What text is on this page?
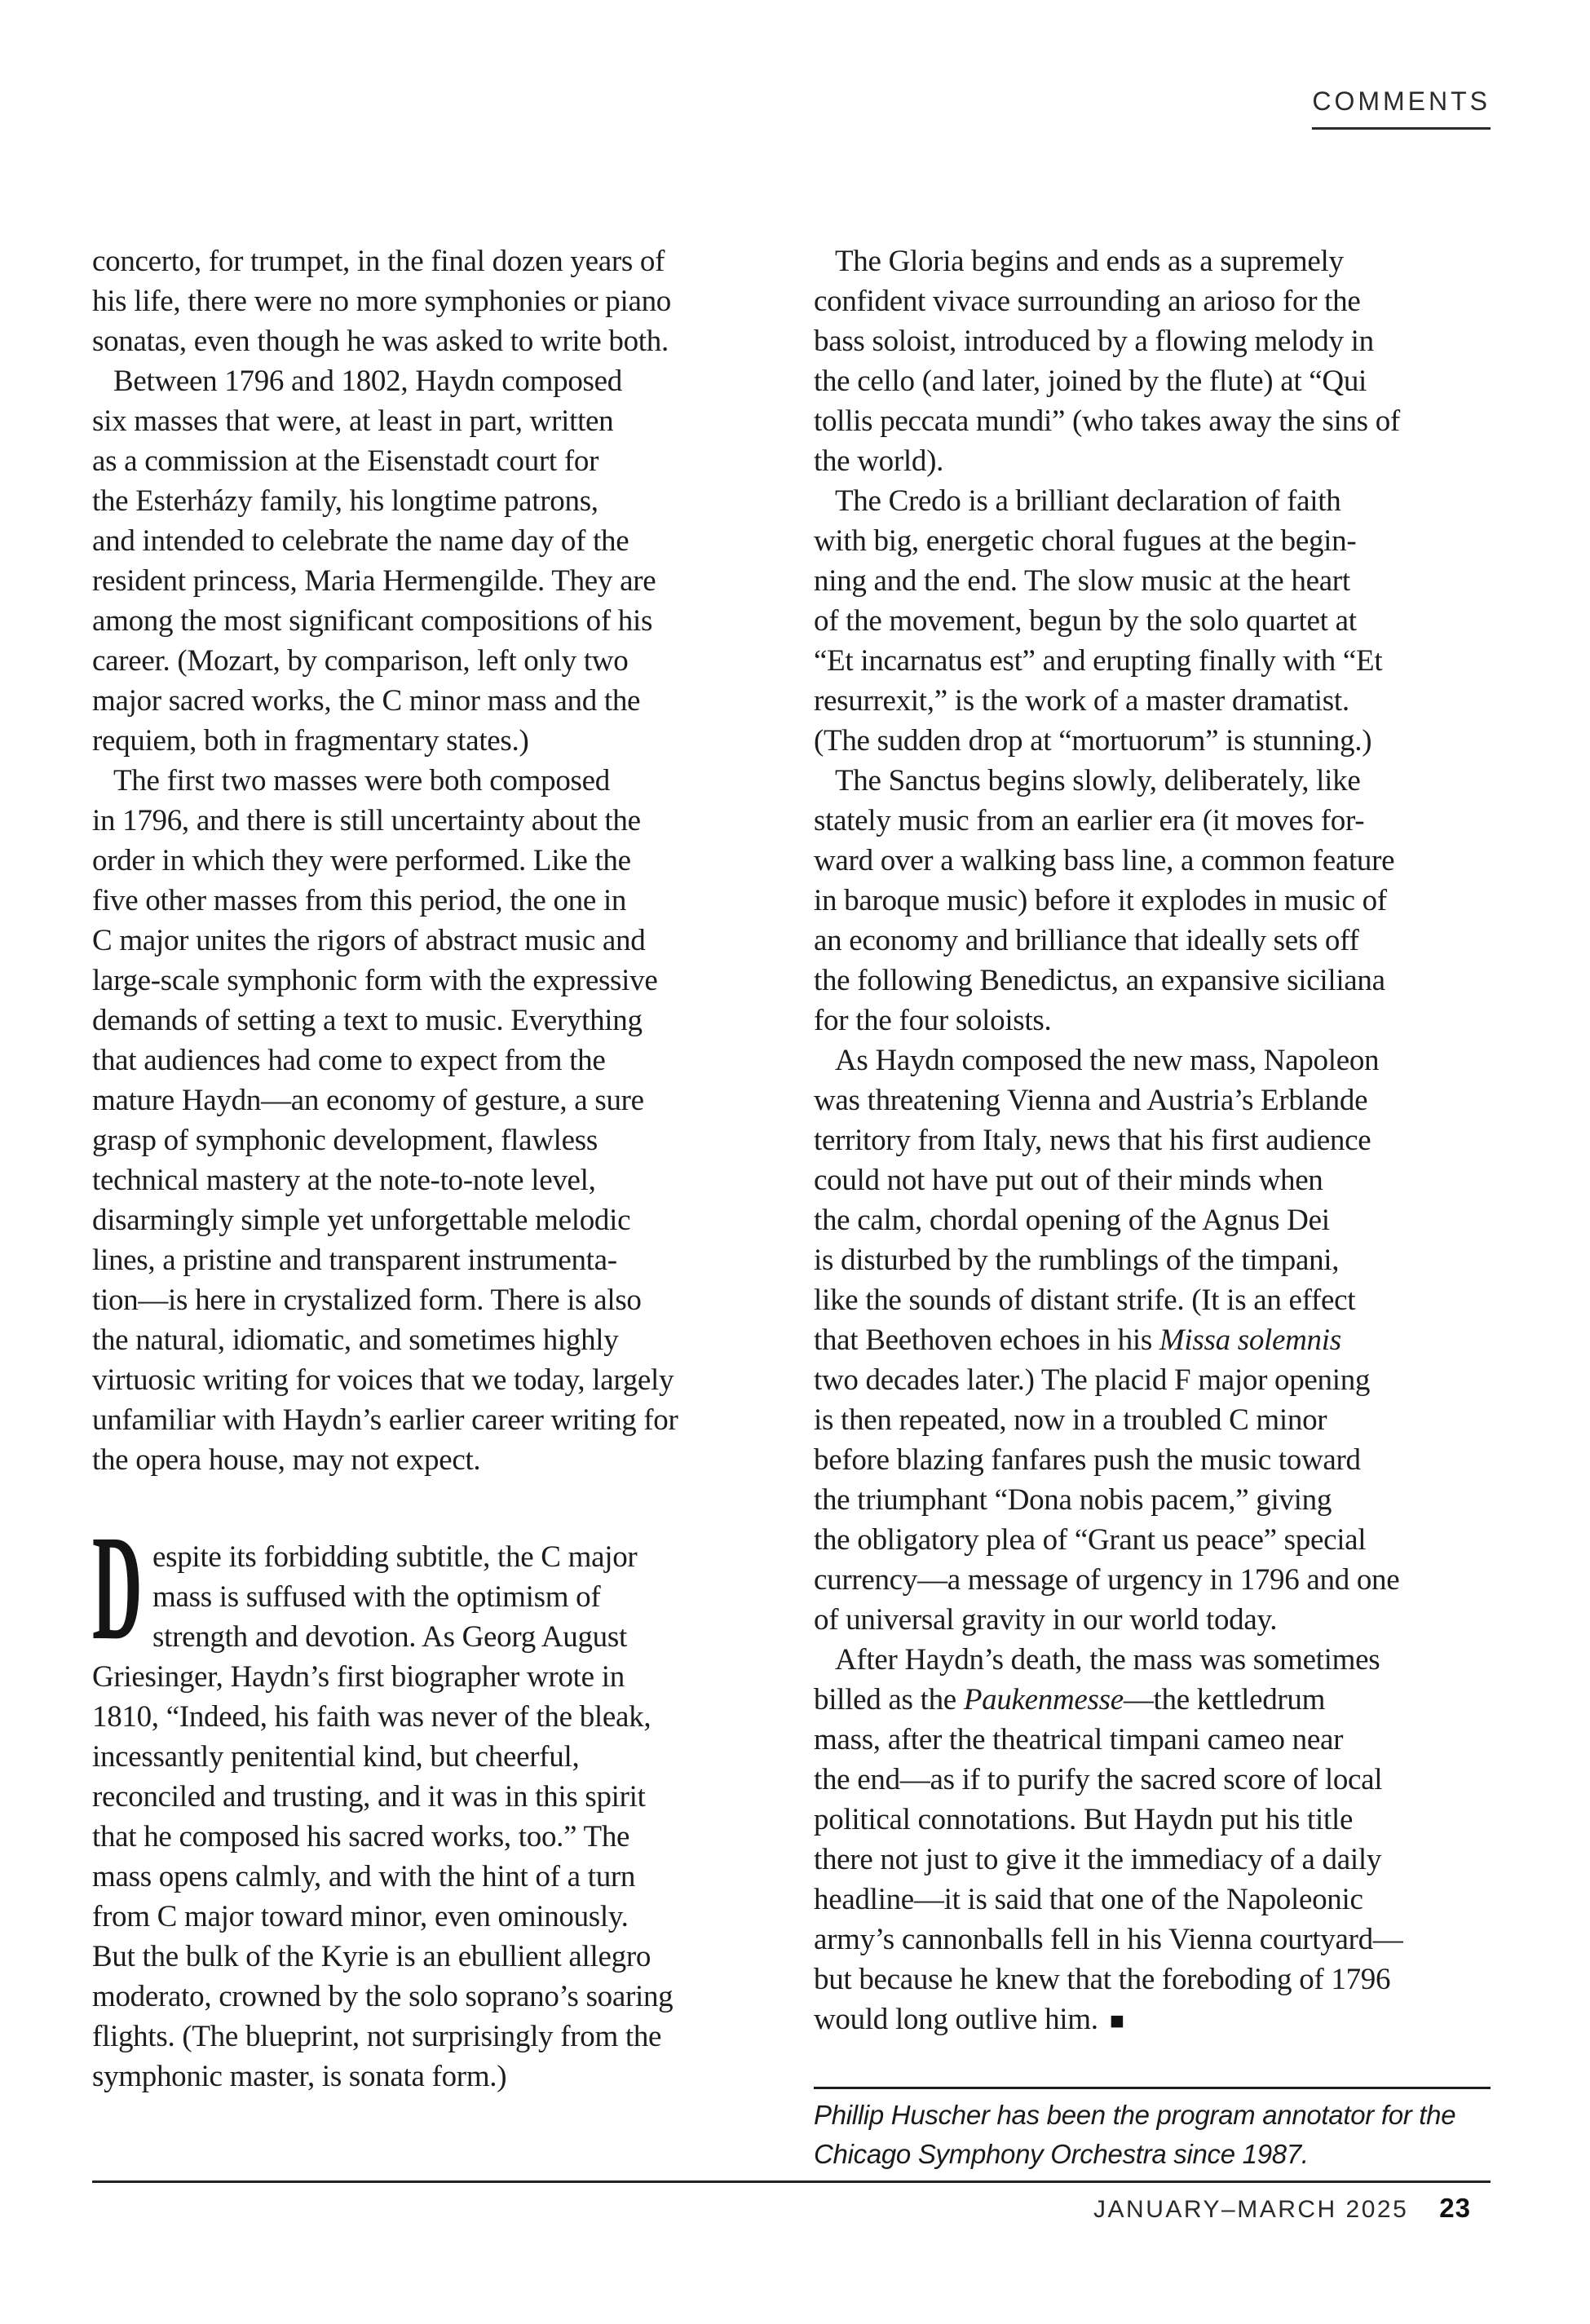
COMMENTS

concerto, for trumpet, in the final dozen years of
his life, there were no more symphonies or piano
sonatas, even though he was asked to write both.

Between 1796 and 1802, Haydn composed
six masses that were, at least in part, written
as a commission at the Eisenstadt court for
the Esterházy family, his longtime patrons,
and intended to celebrate the name day of the
resident princess, Maria Hermengilde. They are
among the most significant compositions of his
career. (Mozart, by comparison, left only two
major sacred works, the C minor mass and the
requiem, both in fragmentary states.)

The first two masses were both composed
in 1796, and there is still uncertainty about the
order in which they were performed. Like the
five other masses from this period, the one in
C major unites the rigors of abstract music and
large-scale symphonic form with the expressive
demands of setting a text to music. Everything
that audiences had come to expect from the
mature Haydn—an economy of gesture, a sure
grasp of symphonic development, flawless
technical mastery at the note-to-note level,
disarmingly simple yet unforgettable melodic
lines, a pristine and transparent instrumenta-
tion—is here in crystalized form. There is also
the natural, idiomatic, and sometimes highly
virtuosic writing for voices that we today, largely
unfamiliar with Haydn’s earlier career writing for
the opera house, may not expect.

D espite its forbidding subtitle, the C major
mass is suffused with the optimism of
strength and devotion. As Georg August
Griesinger, Haydn’s first biographer wrote in
1810, “Indeed, his faith was never of the bleak,
incessantly penitential kind, but cheerful,
reconciled and trusting, and it was in this spirit
that he composed his sacred works, too.” The
mass opens calmly, and with the hint of a turn
from C major toward minor, even ominously.
But the bulk of the Kyrie is an ebullient allegro
moderato, crowned by the solo soprano’s soaring
flights. (The blueprint, not surprisingly from the
symphonic master, is sonata form.)

The Gloria begins and ends as a supremely
confident vivace surrounding an arioso for the
bass soloist, introduced by a flowing melody in
the cello (and later, joined by the flute) at “Qui
tollis peccata mundi” (who takes away the sins of
the world).

The Credo is a brilliant declaration of faith
with big, energetic choral fugues at the begin-
ning and the end. The slow music at the heart
of the movement, begun by the solo quartet at
“Et incarnatus est” and erupting finally with “Et
resurrexit,” is the work of a master dramatist.
(The sudden drop at “mortuorum” is stunning.)

The Sanctus begins slowly, deliberately, like
stately music from an earlier era (it moves for-
ward over a walking bass line, a common feature
in baroque music) before it explodes in music of
an economy and brilliance that ideally sets off
the following Benedictus, an expansive siciliana
for the four soloists.

As Haydn composed the new mass, Napoleon
was threatening Vienna and Austria’s Erblande
territory from Italy, news that his first audience
could not have put out of their minds when
the calm, chordal opening of the Agnus Dei
is disturbed by the rumblings of the timpani,
like the sounds of distant strife. (It is an effect
that Beethoven echoes in his Missa solemnis
two decades later.) The placid F major opening
is then repeated, now in a troubled C minor
before blazing fanfares push the music toward
the triumphant “Dona nobis pacem,” giving
the obligatory plea of “Grant us peace” special
currency—a message of urgency in 1796 and one
of universal gravity in our world today.

After Haydn’s death, the mass was sometimes
billed as the Paukenmesse—the kettledrum
mass, after the theatrical timpani cameo near
the end—as if to purify the sacred score of local
political connotations. But Haydn put his title
there not just to give it the immediacy of a daily
headline—it is said that one of the Napoleonic
army’s cannonballs fell in his Vienna courtyard—
but because he knew that the foreboding of 1796
would long outlive him. ■

Phillip Huscher has been the program annotator for the
Chicago Symphony Orchestra since 1987.

JANUARY–MARCH 2025 23
